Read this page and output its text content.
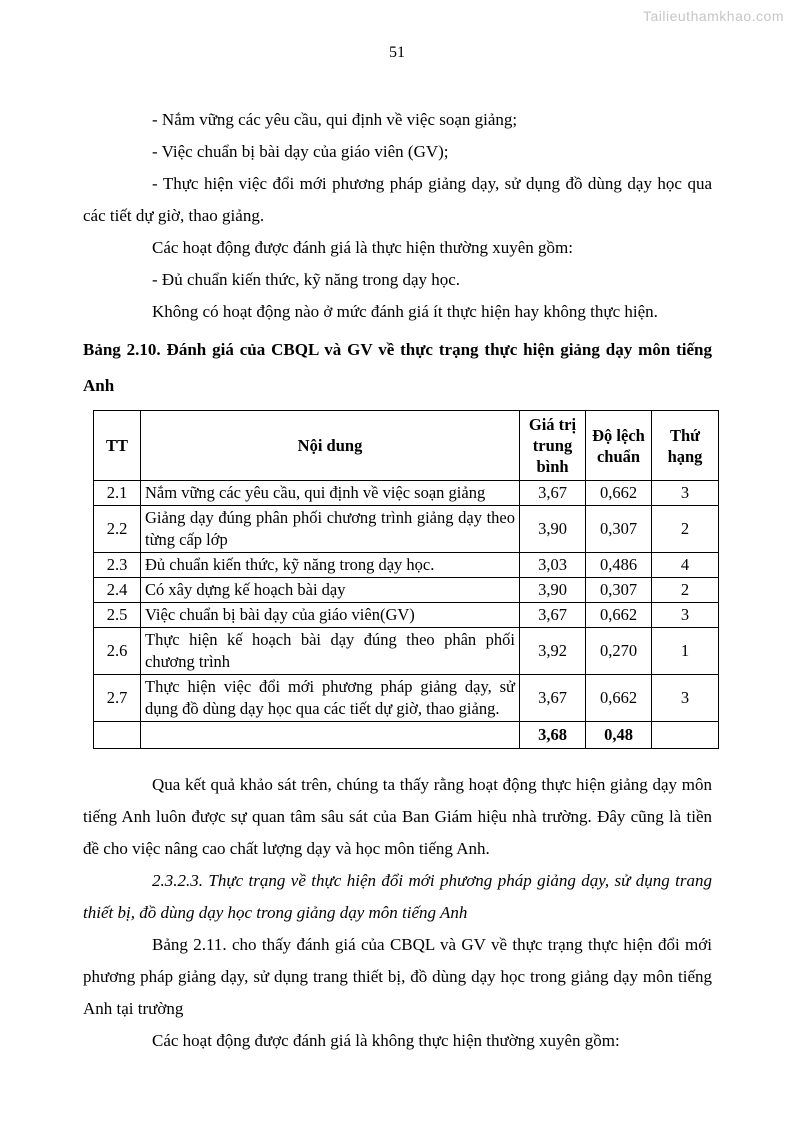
Tailieuthamkhao.com
51

- Nắm vững các yêu cầu, qui định về việc soạn giảng;

- Việc chuẩn bị bài dạy của giáo viên (GV);

- Thực hiện việc đổi mới phương pháp giảng dạy, sử dụng đồ dùng dạy học qua các tiết dự giờ, thao giảng.

Các hoạt động được đánh giá là thực hiện thường xuyên gồm:

- Đủ chuẩn kiến thức, kỹ năng trong dạy học.

Không có hoạt động nào ở mức đánh giá ít thực hiện hay không thực hiện.

Bảng 2.10. Đánh giá của CBQL và GV về thực trạng thực hiện giảng dạy môn tiếng Anh

TT	Nội dung	Giá trị trung bình	Độ lệch chuẩn	Thứ hạng
2.1	Nắm vững các yêu cầu, qui định về việc soạn giảng	3,67	0,662	3
2.2	Giảng dạy đúng phân phối chương trình giảng dạy theo từng cấp lớp	3,90	0,307	2
2.3	Đủ chuẩn kiến thức, kỹ năng trong dạy học.	3,03	0,486	4
2.4	Có xây dựng kế hoạch bài dạy	3,90	0,307	2
2.5	Việc chuẩn bị bài dạy của giáo viên(GV)	3,67	0,662	3
2.6	Thực hiện kế hoạch bài dạy đúng theo phân phối chương trình	3,92	0,270	1
2.7	Thực hiện việc đổi mới phương pháp giảng dạy, sử dụng đồ dùng dạy học qua các tiết dự giờ, thao giảng.	3,67	0,662	3
		3,68	0,48	

Qua kết quả khảo sát trên, chúng ta thấy rằng hoạt động thực hiện giảng dạy môn tiếng Anh luôn được sự quan tâm sâu sát của Ban Giám hiệu nhà trường. Đây cũng là tiền đề cho việc nâng cao chất lượng dạy và học môn tiếng Anh.

2.3.2.3. Thực trạng về thực hiện đổi mới phương pháp giảng dạy, sử dụng trang thiết bị, đồ dùng dạy học trong giảng dạy môn tiếng Anh

Bảng 2.11. cho thấy đánh giá của CBQL và GV về thực trạng thực hiện đổi mới phương pháp giảng dạy, sử dụng trang thiết bị, đồ dùng dạy học trong giảng dạy môn tiếng Anh tại trường

Các hoạt động được đánh giá là không thực hiện thường xuyên gồm:
